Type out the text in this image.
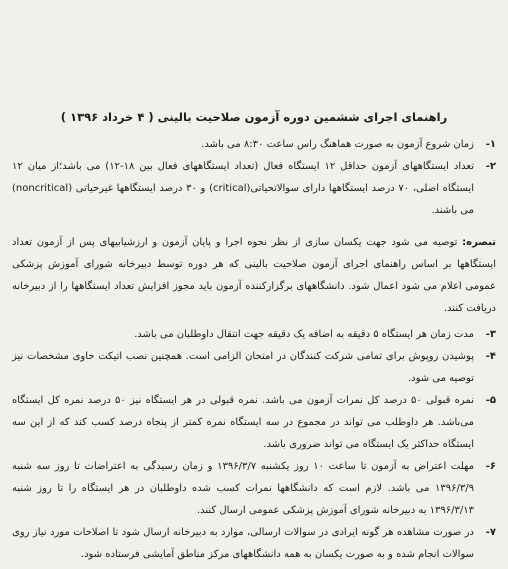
راهنمای اجرای ششمین دوره آزمون صلاحیت بالینی ( ۴ خرداد ۱۳۹۶ )
۱-
زمان شروع آزمون به صورت هماهنگ راس ساعت ۸:۳۰ می باشد.
۲-
تعداد ایستگاههای آزمون حداقل ۱۲ ایستگاه فعال (تعداد ایستگاههای فعال بین ۱۸-۱۲) می باشد؛از میان ۱۲ ایستگاه اصلی، ۷۰ درصد ایستگاهها دارای سوالاتحیاتی(critical) و ۳۰ درصد ایستگاهها غیرحیاتی (noncritical) می باشند.
تبصره: توصیه می شود جهت یکسان سازی از نظر نحوه اجرا و پایان آزمون و ارزشیابیهای پس از آزمون تعداد ایستگاهها بر اساس راهنمای اجرای آزمون صلاحیت بالینی که هر دوره توسط دبیرخانه شورای آموزش پزشکی عمومی اعلام می شود اعمال شود. دانشگاههای برگزارکننده آزمون باید مجوز افزایش تعداد ایستگاهها را از دبیرخانه دریافت کنند.
۳-
مدت زمان هر ایستگاه ۵ دقیقه به اضافه یک دقیقه جهت انتقال داوطلبان می باشد.
۴-
پوشیدن روپوش برای تمامی شرکت کنندگان در امتحان الزامی است. همچنین نصب اتیکت حاوی مشخصات نیز توصیه می شود.
۵-
نمره قبولی ۵۰ درصد کل نمرات آزمون می باشد. نمره قبولی در هر ایستگاه نیز ۵۰ درصد نمره کل ایستگاه می‌باشد. هر داوطلب می تواند در مجموع در سه ایستگاه نمره کمتر از پنجاه درصد کسب کند که از این سه ایستگاه حداکثر یک ایستگاه می تواند ضروری باشد.
۶-
مهلت اعتراض به آزمون تا ساعت ۱۰ روز یکشنبه ۱۳۹۶/۳/۷ و زمان رسیدگی به اعتراضات تا روز سه شنبه ۱۳۹۶/۳/۹ می باشد. لازم است که دانشگاهها نمرات کسب شده داوطلبان در هر ایستگاه را تا روز شنبه ۱۳۹۶/۳/۱۳ به دبیرخانه شورای آموزش پزشکی عمومی ارسال کنند.
۷-
در صورت مشاهده هر گونه ایرادی در سوالات ارسالی، موارد به دبیرخانه ارسال شود تا اصلاحات مورد نیاز روی سوالات انجام شده و به صورت یکسان به همه دانشگاههای مرکز مناطق آمایشی فرستاده شود.
